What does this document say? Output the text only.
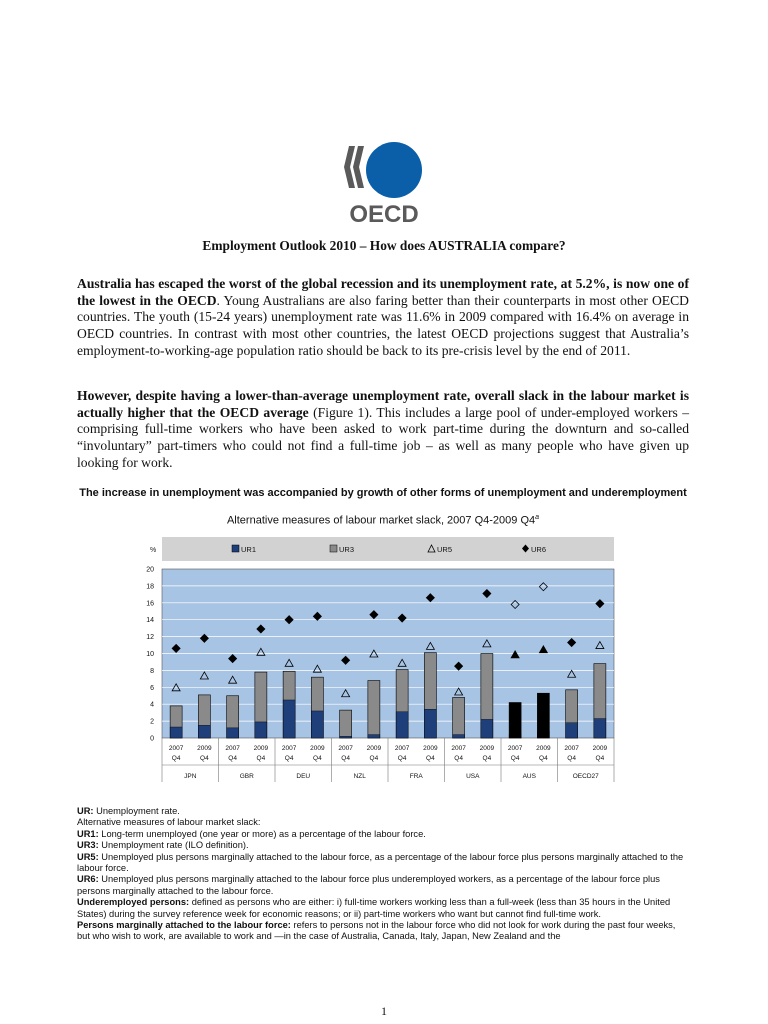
OECD
Employment Outlook 2010 – How does AUSTRALIA compare?

Australia has escaped the worst of the global recession and its unemployment rate, at 5.2%, is now one of the lowest in the OECD. Young Australians are also faring better than their counterparts in most other OECD countries. The youth (15-24 years) unemployment rate was 11.6% in 2009 compared with 16.4% on average in OECD countries. In contrast with most other countries, the latest OECD projections suggest that Australia’s employment-to-working-age population ratio should be back to its pre-crisis level by the end of 2011.

However, despite having a lower-than-average unemployment rate, overall slack in the labour market is actually higher that the OECD average (Figure 1). This includes a large pool of under-employed workers – comprising full-time workers who have been asked to work part-time during the downturn and so-called “involuntary” part-timers who could not find a full-time job – as well as many people who have given up looking for work.

The increase in unemployment was accompanied by growth of other forms of unemployment and underemployment
Alternative measures of labour market slack, 2007 Q4-2009 Q4$^a$
%	UR1	UR3	UR5	UR6
0
2
4
6
8
10
12
14
16
18
20
2007
Q4
2009
Q4
2007
Q4
2009
Q4
2007
Q4
2009
Q4
2007
Q4
2009
Q4
2007
Q4
2009
Q4
2007
Q4
2009
Q4
2007
Q4
2009
Q4
2007
Q4
2009
Q4
JPN	GBR	DEU	NZL	FRA	USA	AUS	OECD27

UR: Unemployment rate.

Alternative measures of labour market slack:

UR1: Long-term unemployed (one year or more) as a percentage of the labour force.

UR3: Unemployment rate (ILO definition).

UR5: Unemployed plus persons marginally attached to the labour force, as a percentage of the labour force plus persons marginally attached to the labour force.

UR6: Unemployed plus persons marginally attached to the labour force plus underemployed workers, as a percentage of the labour force plus persons marginally attached to the labour force.

Underemployed persons: defined as persons who are either: i) full-time workers working less than a full-week (less than 35 hours in the United States) during the survey reference week for economic reasons; or ii) part-time workers who want but cannot find full-time work.

Persons marginally attached to the labour force: refers to persons not in the labour force who did not look for work during the past four weeks, but who wish to work, are available to work and —in the case of Australia, Canada, Italy, Japan, New Zealand and the

1
